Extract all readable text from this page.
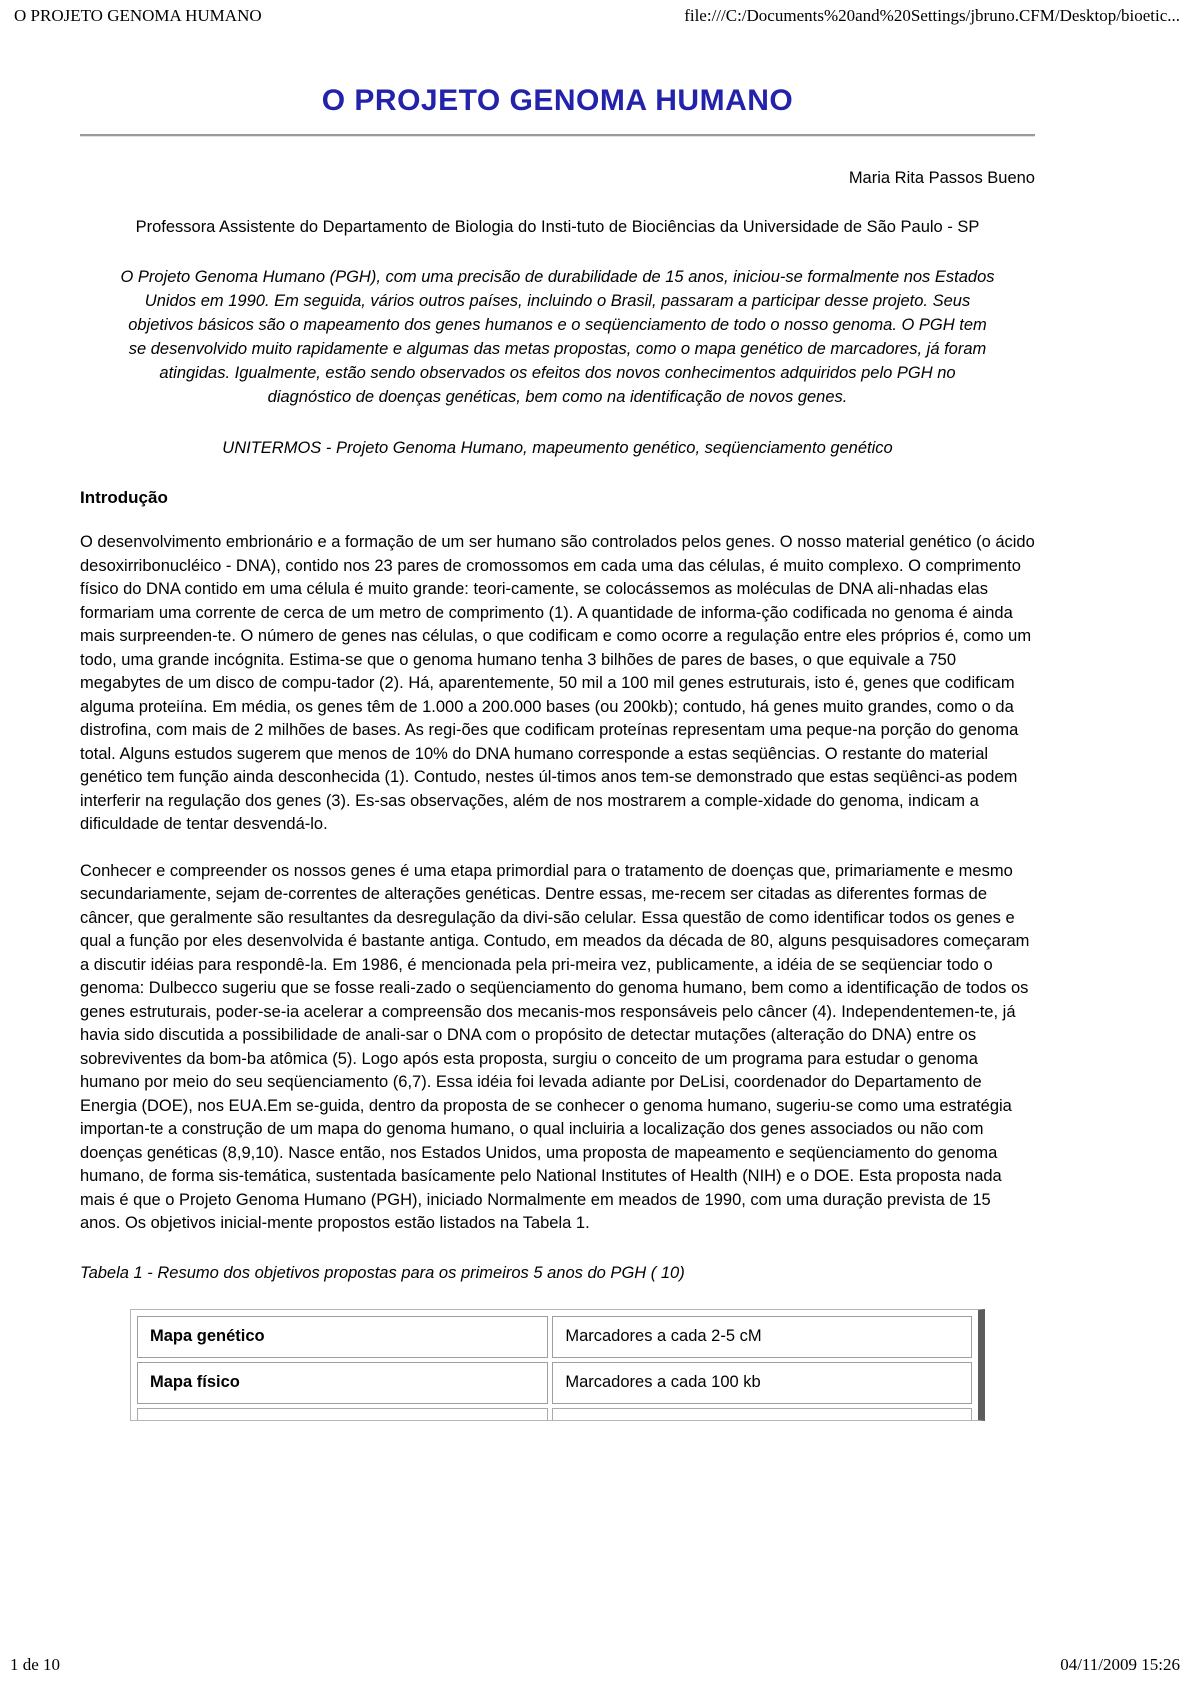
O PROJETO GENOMA HUMANO	file:///C:/Documents%20and%20Settings/jbruno.CFM/Desktop/bioetic...
O PROJETO GENOMA HUMANO
Maria Rita Passos Bueno
Professora Assistente do Departamento de Biologia do Insti-tuto de Biociências da Universidade de São Paulo - SP
O Projeto Genoma Humano (PGH), com uma precisão de durabilidade de 15 anos, iniciou-se formalmente nos Estados Unidos em 1990. Em seguida, vários outros países, incluindo o Brasil, passaram a participar desse projeto. Seus objetivos básicos são o mapeamento dos genes humanos e o seqüenciamento de todo o nosso genoma. O PGH tem se desenvolvido muito rapidamente e algumas das metas propostas, como o mapa genético de marcadores, já foram atingidas. Igualmente, estão sendo observados os efeitos dos novos conhecimentos adquiridos pelo PGH no diagnóstico de doenças genéticas, bem como na identificação de novos genes.
UNITERMOS - Projeto Genoma Humano, mapeumento genético, seqüenciamento genético
Introdução

O desenvolvimento embrionário e a formação de um ser humano são controlados pelos genes. O nosso material genético (o ácido desoxirribonucléico - DNA), contido nos 23 pares de cromossomos em cada uma das células, é muito complexo. O comprimento físico do DNA contido em uma célula é muito grande: teori-camente, se colocássemos as moléculas de DNA ali-nhadas elas formariam uma corrente de cerca de um metro de comprimento (1). A quantidade de informa-ção codificada no genoma é ainda mais surpreenden-te. O número de genes nas células, o que codificam e como ocorre a regulação entre eles próprios é, como um todo, uma grande incógnita. Estima-se que o genoma humano tenha 3 bilhões de pares de bases, o que equivale a 750 megabytes de um disco de compu-tador (2). Há, aparentemente, 50 mil a 100 mil genes estruturais, isto é, genes que codificam alguma proteiína. Em média, os genes têm de 1.000 a 200.000 bases (ou 200kb); contudo, há genes muito grandes, como o da distrofina, com mais de 2 milhões de bases. As regi-ões que codificam proteínas representam uma peque-na porção do genoma total. Alguns estudos sugerem que menos de 10% do DNA humano corresponde a estas seqüências. O restante do material genético tem função ainda desconhecida (1). Contudo, nestes úl-timos anos tem-se demonstrado que estas seqüênci-as podem interferir na regulação dos genes (3). Es-sas observações, além de nos mostrarem a comple-xidade do genoma, indicam a dificuldade de tentar desvendá-lo.

Conhecer e compreender os nossos genes é uma etapa primordial para o tratamento de doenças que, primariamente e mesmo secundariamente, sejam de-correntes de alterações genéticas. Dentre essas, me-recem ser citadas as diferentes formas de câncer, que geralmente são resultantes da desregulação da divi-são celular. Essa questão de como identificar todos os genes e qual a função por eles desenvolvida é bastante antiga. Contudo, em meados da década de 80, alguns pesquisadores começaram a discutir idéias para respondê-la. Em 1986, é mencionada pela pri-meira vez, publicamente, a idéia de se seqüenciar todo o genoma: Dulbecco sugeriu que se fosse reali-zado o seqüenciamento do genoma humano, bem como a identificação de todos os genes estruturais, poder-se-ia acelerar a compreensão dos mecanis-mos responsáveis pelo câncer (4). Independentemen-te, já havia sido discutida a possibilidade de anali-sar o DNA com o propósito de detectar mutações (alteração do DNA) entre os sobreviventes da bom-ba atômica (5). Logo após esta proposta, surgiu o conceito de um programa para estudar o genoma humano por meio do seu seqüenciamento (6,7). Essa idéia foi levada adiante por DeLisi, coordenador do Departamento de Energia (DOE), nos EUA.Em se-guida, dentro da proposta de se conhecer o genoma humano, sugeriu-se como uma estratégia importan-te a construção de um mapa do genoma humano, o qual incluiria a localização dos genes associados ou não com doenças genéticas (8,9,10). Nasce então, nos Estados Unidos, uma proposta de mapeamento e seqüenciamento do genoma humano, de forma sis-temática, sustentada basícamente pelo National Institutes of Health (NIH) e o DOE. Esta proposta nada mais é que o Projeto Genoma Humano (PGH), iniciado Normalmente em meados de 1990, com uma duração prevista de 15 anos. Os objetivos inicial-mente propostos estão listados na Tabela 1.

Tabela 1 - Resumo dos objetivos propostas para os primeiros 5 anos do PGH ( 10)
Mapa genético	Marcadores a cada 2-5 cM
Mapa físico	Marcadores a cada 100 kb

1 de 10	04/11/2009 15:26
